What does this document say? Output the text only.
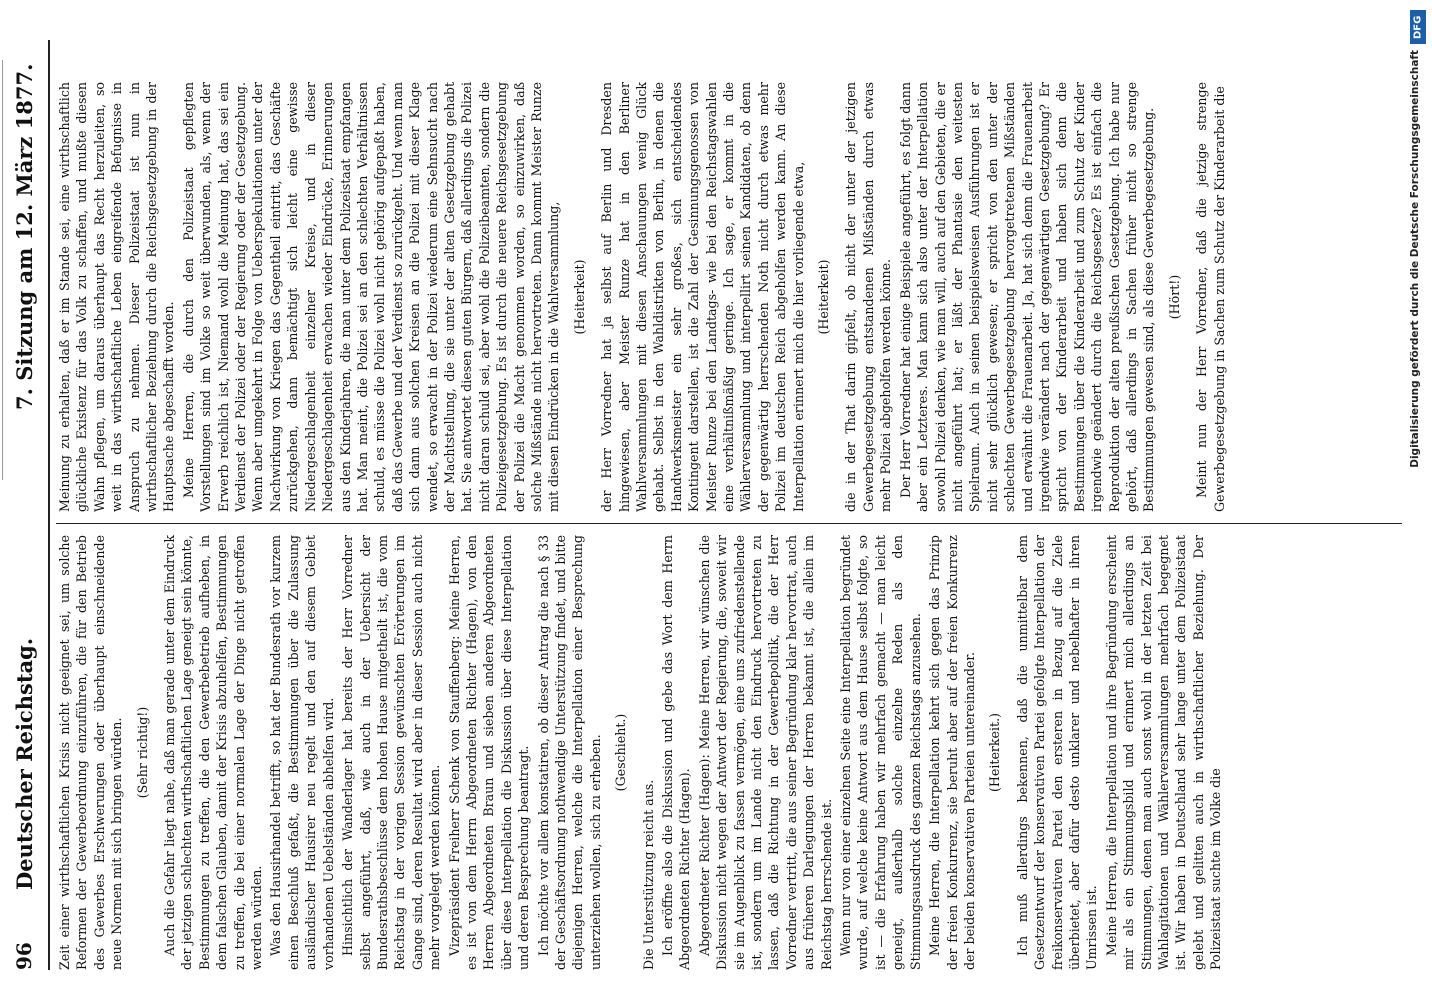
96
Deutscher Reichstag.
7. Sitzung am 12. März 1877.

Zeit einer wirthschaftlichen Krisis nicht geeignet sei, um solche Reformen der Gewerbeordnung einzuführen, die für den Betrieb des Gewerbes Erschwerungen oder überhaupt einschneidende neue Normen mit sich bringen würden. (Sehr richtig!) Auch die Gefahr liegt nahe, daß man gerade unter dem Eindruck der jetzigen schlechten wirthschaftlichen Lage geneigt sein könnte, Bestimmungen zu treffen, die den Gewerbebetrieb aufheben, in dem falschen Glauben, damit der Krisis abzuhelfen, Bestimmungen zu treffen, die bei einer normalen Lage der Dinge nicht getroffen werden würden. Was den Hausirhandel betrifft, so hat der Bundesrath vor kurzem einen Beschluß gefaßt, die Bestimmungen über die Zulassung ausländischer Hausirer neu regelt und den auf diesem Gebiet vorhandenen Uebelständen abhelfen wird. Hinsichtlich der Wanderlager hat bereits der Herr Vorredner selbst angeführt, daß, wie auch in der Uebersicht der Bundesrathsbeschlüsse dem hohen Hause mitgetheilt ist, die vom Reichstag in der vorigen Session gewünschten Erörterungen im Gange sind, deren Resultat wird aber in dieser Session auch nicht mehr vorgelegt werden können. Vizepräsident Freiherr Schenk von Stauffenberg: Meine Herren, es ist von dem Herrn Abgeordneten Richter (Hagen), von den Herren Abgeordneten Braun und sieben anderen Abgeordneten über diese Interpellation die Diskussion über diese Interpellation und deren Besprechung beantragt. Ich möchte vor allem konstatiren, ob dieser Antrag die nach § 33 der Geschäftsordnung nothwendige Unterstützung findet, und bitte diejenigen Herren, welche die Interpellation einer Besprechung unterziehen wollen, sich zu erheben. (Geschieht.)

Die Unterstützung reicht aus. Ich eröffne also die Diskussion und gebe das Wort dem Herrn Abgeordneten Richter (Hagen). Abgeordneter Richter (Hagen): Meine Herren, wir wünschen die Diskussion nicht wegen der Antwort der Regierung, die, soweit wir sie im Augenblick zu fassen vermögen, eine uns zufriedenstellende ist, sondern um im Lande nicht den Eindruck hervortreten zu lassen, daß die Richtung in der Gewerbepolitik, die der Herr Vorredner vertritt, die aus seiner Begründung klar hervortrat, auch aus früheren Darlegungen der Herren bekannt ist, die allein im Reichstag herrschende ist. Wenn nur von einer einzelnen Seite eine Interpellation begründet wurde, auf welche keine Antwort aus dem Hause selbst folgte, so ist — die Erfahrung haben wir mehrfach gemacht — man leicht geneigt, außerhalb solche einzelne Reden als den Stimmungsausdruck des ganzen Reichstags anzusehen. Meine Herren, die Interpellation kehrt sich gegen das Prinzip der freien Konkurrenz, sie beruht aber auf der freien Konkurrenz der beiden konservativen Parteien untereinander. (Heiterkeit.) Ich muß allerdings bekennen, daß die unmittelbar dem Gesetzentwurf der konservativen Partei gefolgte Interpellation der freikonservativen Partei den ersteren in Bezug auf die Ziele überbietet, aber dafür desto unklarer und nebelhafter in ihren Umrissen ist. Meine Herren, die Interpellation und ihre Begründung erscheint mir als ein Stimmungsbild und erinnert mich allerdings an Stimmungen, denen man auch sonst wohl in der letzten Zeit bei Wahlagitationen und Wählerversammlungen mehrfach begegnet ist. Wir haben in Deutschland sehr lange unter dem Polizeistaat gelebt und gelitten auch in wirthschaftlicher Beziehung. Der Polizeistaat suchte im Volke die

Meinung zu erhalten, daß er im Stande sei, eine wirthschaftlich glückliche Existenz für das Volk zu schaffen, und mußte diesen Wahn pflegen, um daraus überhaupt das Recht herzuleiten, so weit in das wirthschaftliche Leben eingreifende Befugnisse in Anspruch zu nehmen. Dieser Polizeistaat ist nun in wirthschaftlicher Beziehung durch die Reichsgesetzgebung in der Hauptsache abgeschafft worden. Meine Herren, die durch den Polizeistaat gepflegten Vorstellungen sind im Volke so weit überwunden, als, wenn der Erwerb reichlich ist, Niemand wohl die Meinung hat, das sei ein Verdienst der Polizei oder der Regierung oder der Gesetzgebung. Wenn aber umgekehrt in Folge von Ueberspekulationen unter der Nachwirkung von Kriegen das Gegentheil eintritt, das Geschäfte zurückgehen, dann bemächtigt sich leicht eine gewisse Niedergeschlagenheit einzelner Kreise, und in dieser Niedergeschlagenheit erwachen wieder Eindrücke, Erinnerungen aus den Kinderjahren, die man unter dem Polizeistaat empfangen hat. Man meint, die Polizei sei an den schlechten Verhältnissen schuld, es müsse die Polizei wohl nicht gehörig aufgepaßt haben, daß das Gewerbe und der Verdienst so zurückgeht. Und wenn man sich dann aus solchen Kreisen an die Polizei mit dieser Klage wendet, so erwacht in der Polizei wiederum eine Sehnsucht nach der Machtstellung, die sie unter der alten Gesetzgebung gehabt hat. Sie antwortet diesen guten Bürgern, daß allerdings die Polizei nicht daran schuld sei, aber wohl die Polizeibeamten, sondern die Polizeigesetzgebung. Es ist durch die neuere Reichsgesetzgebung der Polizei die Macht genommen worden, so einzuwirken, daß solche Mißstände nicht hervortreten. Dann kommt Meister Runze mit diesen Eindrücken in die Wahlversammlung, (Heiterkeit) der Herr Vorredner hat ja selbst auf Berlin und Dresden hingewiesen, aber Meister Runze hat in den Berliner Wahlversammlungen mit diesen Anschauungen wenig Glück gehabt. Selbst in den Wahldistrikten von Berlin, in denen die Handwerksmeister ein sehr großes, sich entscheidendes Kontingent darstellen, ist die Zahl der Gesinnungsgenossen von Meister Runze bei den Landtags- wie bei den Reichstagswahlen eine verhältnißmäßig geringe. Ich sage, er kommt in die Wählerversammlung und interpellirt seinen Kandidaten, ob denn der gegenwärtig herrschenden Noth nicht durch etwas mehr Polizei im deutschen Reich abgeholfen werden kann. An diese Interpellation erinnert mich die hier vorliegende etwa, (Heiterkeit) die in der That darin gipfelt, ob nicht der unter der jetzigen Gewerbegesetzgebung entstandenen Mißständen durch etwas mehr Polizei abgeholfen werden könne. Der Herr Vorredner hat einige Beispiele angeführt, es folgt dann aber ein Letzteres. Man kann sich also unter der Interpellation sowohl Polizei denken, wie man will, auch auf den Gebieten, die er nicht angeführt hat; er läßt der Phantasie den weitesten Spielraum. Auch in seinen beispielsweisen Ausführungen ist er nicht sehr glücklich gewesen; er spricht von den unter der schlechten Gewerbegesetzgebung hervorgetretenen Mißständen und erwähnt die Frauenarbeit. Ja, hat sich denn die Frauenarbeit irgendwie verändert nach der gegenwärtigen Gesetzgebung? Er spricht von der Kinderarbeit und haben sich denn die Bestimmungen über die Kinderarbeit und zum Schutz der Kinder irgendwie geändert durch die Reichsgesetze? Es ist einfach die Reproduktion der alten preußischen Gesetzgebung. Ich habe nur gehört, daß allerdings in Sachen früher nicht so strenge Bestimmungen gewesen sind, als diese Gewerbegesetzgebung. (Hört!) Meint nun der Herr Vorredner, daß die jetzige strenge Gewerbegesetzgebung in Sachen zum Schutz der Kinderarbeit die

DFG
Digitalisierung gefördert durch die Deutsche Forschungsgemeinschaft
